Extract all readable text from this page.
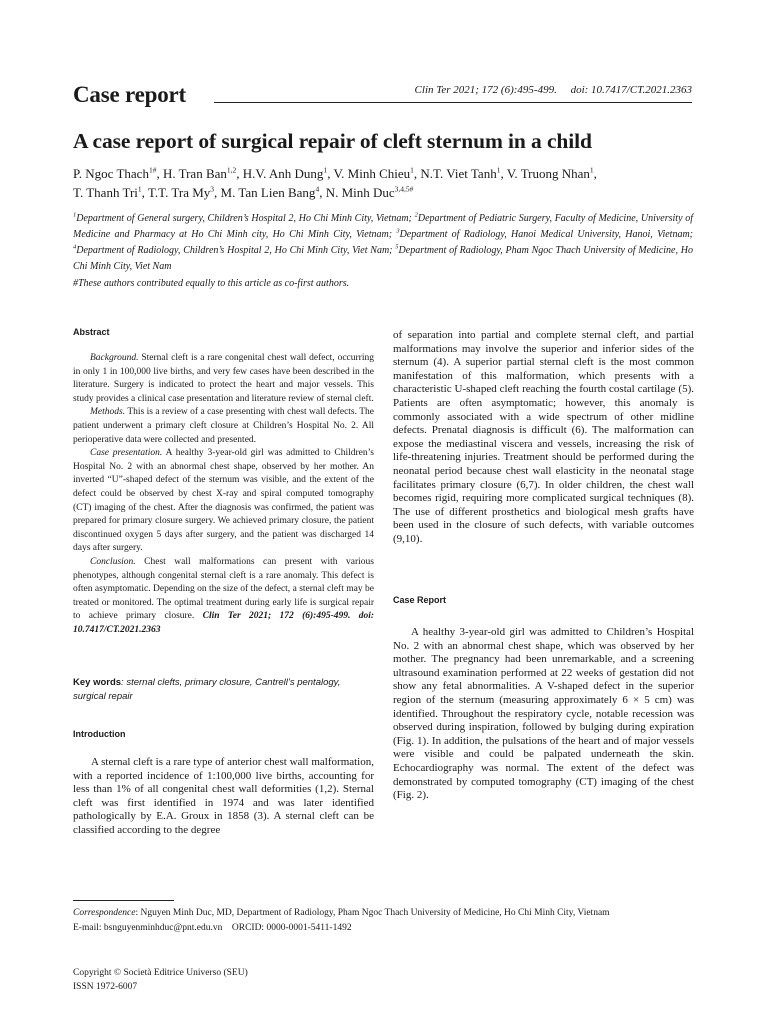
Case report	Clin Ter 2021; 172 (6):495-499.     doi: 10.7417/CT.2021.2363
A case report of surgical repair of cleft sternum in a child
P. Ngoc Thach$^{1\#}$, H. Tran Ban$^{1,2}$, H.V. Anh Dung$^1$, V. Minh Chieu$^1$, N.T. Viet Tanh$^1$, V. Truong Nhan$^1$,
T. Thanh Tri$^1$, T.T. Tra My$^3$, M. Tan Lien Bang$^4$, N. Minh Duc$^{3,4,5\#}$
$^1$Department of General surgery, Children’s Hospital 2, Ho Chi Minh City, Vietnam; $^2$Department of Pediatric Surgery, Faculty of Medicine, University of Medicine and Pharmacy at Ho Chi Minh city, Ho Chi Minh City, Vietnam; $^3$Department of Radiology, Hanoi Medical University, Hanoi, Vietnam; $^4$Department of Radiology, Children’s Hospital 2, Ho Chi Minh City, Viet Nam; $^5$Department of Radiology, Pham Ngoc Thach University of Medicine, Ho Chi Minh City, Viet Nam
#These authors contributed equally to this article as co-first authors.
Abstract

Background. Sternal cleft is a rare congenital chest wall defect, occurring in only 1 in 100,000 live births, and very few cases have been described in the literature. Surgery is indicated to protect the heart and major vessels. This study provides a clinical case presentation and literature review of sternal cleft.

Methods. This is a review of a case presenting with chest wall defects. The patient underwent a primary cleft closure at Children’s Hospital No. 2. All perioperative data were collected and presented.

Case presentation. A healthy 3-year-old girl was admitted to Children’s Hospital No. 2 with an abnormal chest shape, observed by her mother. An inverted “U”-shaped defect of the sternum was visible, and the extent of the defect could be observed by chest X-ray and spiral computed tomography (CT) imaging of the chest. After the diagnosis was confirmed, the patient was prepared for primary closure surgery. We achieved primary closure, the patient discontinued oxygen 5 days after surgery, and the patient was discharged 14 days after surgery.

Conclusion. Chest wall malformations can present with various phenotypes, although congenital sternal cleft is a rare anomaly. This defect is often asymptomatic. Depending on the size of the defect, a sternal cleft may be treated or monitored. The optimal treatment during early life is surgical repair to achieve primary closure. Clin Ter 2021; 172 (6):495-499. doi: 10.7417/CT.2021.2363

Key words: sternal clefts, primary closure, Cantrell’s pentalogy, surgical repair
Introduction

A sternal cleft is a rare type of anterior chest wall malformation, with a reported incidence of 1:100,000 live births, accounting for less than 1% of all congenital chest wall deformities (1,2). Sternal cleft was first identified in 1974 and was later identified pathologically by E.A. Groux in 1858 (3). A sternal cleft can be classified according to the degree

of separation into partial and complete sternal cleft, and partial malformations may involve the superior and inferior sides of the sternum (4). A superior partial sternal cleft is the most common manifestation of this malformation, which presents with a characteristic U-shaped cleft reaching the fourth costal cartilage (5). Patients are often asymptomatic; however, this anomaly is commonly associated with a wide spectrum of other midline defects. Prenatal diagnosis is difficult (6). The malformation can expose the mediastinal viscera and vessels, increasing the risk of life-threatening injuries. Treatment should be performed during the neonatal period because chest wall elasticity in the neonatal stage facilitates primary closure (6,7). In older children, the chest wall becomes rigid, requiring more complicated surgical techniques (8). The use of different prosthetics and biological mesh grafts have been used in the closure of such defects, with variable outcomes (9,10).

Case Report

A healthy 3-year-old girl was admitted to Children’s Hospital No. 2 with an abnormal chest shape, which was observed by her mother. The pregnancy had been unremarkable, and a screening ultrasound examination performed at 22 weeks of gestation did not show any fetal abnormalities. A V-shaped defect in the superior region of the sternum (measuring approximately 6 × 5 cm) was identified. Throughout the respiratory cycle, notable recession was observed during inspiration, followed by bulging during expiration (Fig. 1). In addition, the pulsations of the heart and of major vessels were visible and could be palpated underneath the skin. Echocardiography was normal. The extent of the defect was demonstrated by computed tomography (CT) imaging of the chest (Fig. 2).

Correspondence: Nguyen Minh Duc, MD, Department of Radiology, Pham Ngoc Thach University of Medicine, Ho Chi Minh City, Vietnam
E-mail: bsnguyenminhduc@pnt.edu.vn    ORCID: 0000-0001-5411-1492
Copyright © Società Editrice Universo (SEU)
ISSN 1972-6007
